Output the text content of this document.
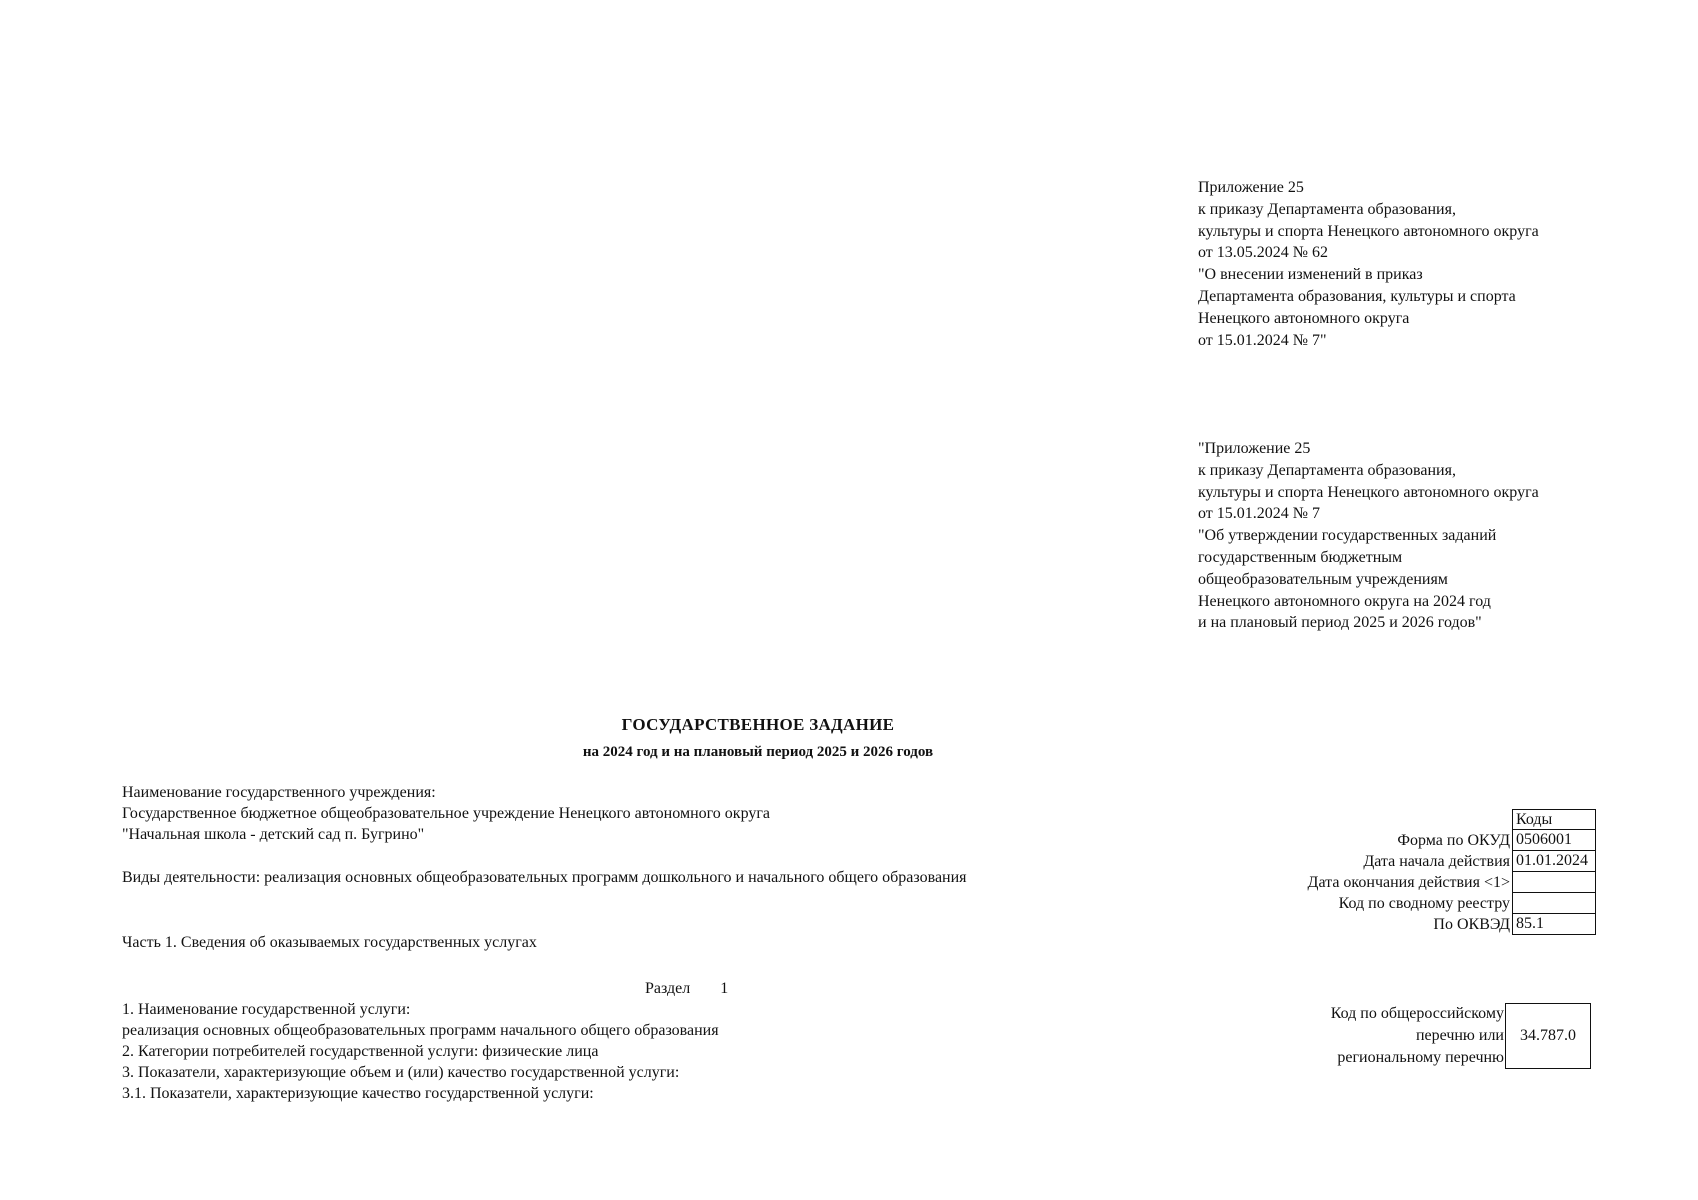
Приложение 25
к приказу Департамента образования,
культуры и спорта Ненецкого автономного округа
от 13.05.2024 № 62
"О внесении изменений в приказ
Департамента образования, культуры и спорта
Ненецкого автономного округа
от 15.01.2024 № 7"
"Приложение 25
к приказу Департамента образования,
культуры и спорта Ненецкого автономного округа
от 15.01.2024 № 7
"Об утверждении государственных заданий
государственным бюджетным
общеобразовательным учреждениям
Ненецкого автономного округа на 2024 год
и на плановый период 2025 и 2026 годов"
ГОСУДАРСТВЕННОЕ ЗАДАНИЕ
на 2024 год и на плановый период 2025 и 2026 годов
Наименование государственного учреждения:
Государственное бюджетное общеобразовательное учреждение Ненецкого автономного округа
"Начальная школа - детский сад п. Бугрино"
Виды деятельности: реализация основных общеобразовательных программ дошкольного и начального общего образования
Коды
Форма по ОКУД 0506001
Дата начала действия 01.01.2024
Дата окончания действия <1>
Код по сводному реестру
По ОКВЭД 85.1
Часть 1. Сведения об оказываемых государственных услугах
Раздел 1
1. Наименование государственной услуги:
реализация основных общеобразовательных программ начального общего образования
2. Категории потребителей государственной услуги: физические лица
3. Показатели, характеризующие объем и (или) качество государственной услуги:
3.1. Показатели, характеризующие качество государственной услуги:
Код по общероссийскому
перечню или
региональному перечню
34.787.0
